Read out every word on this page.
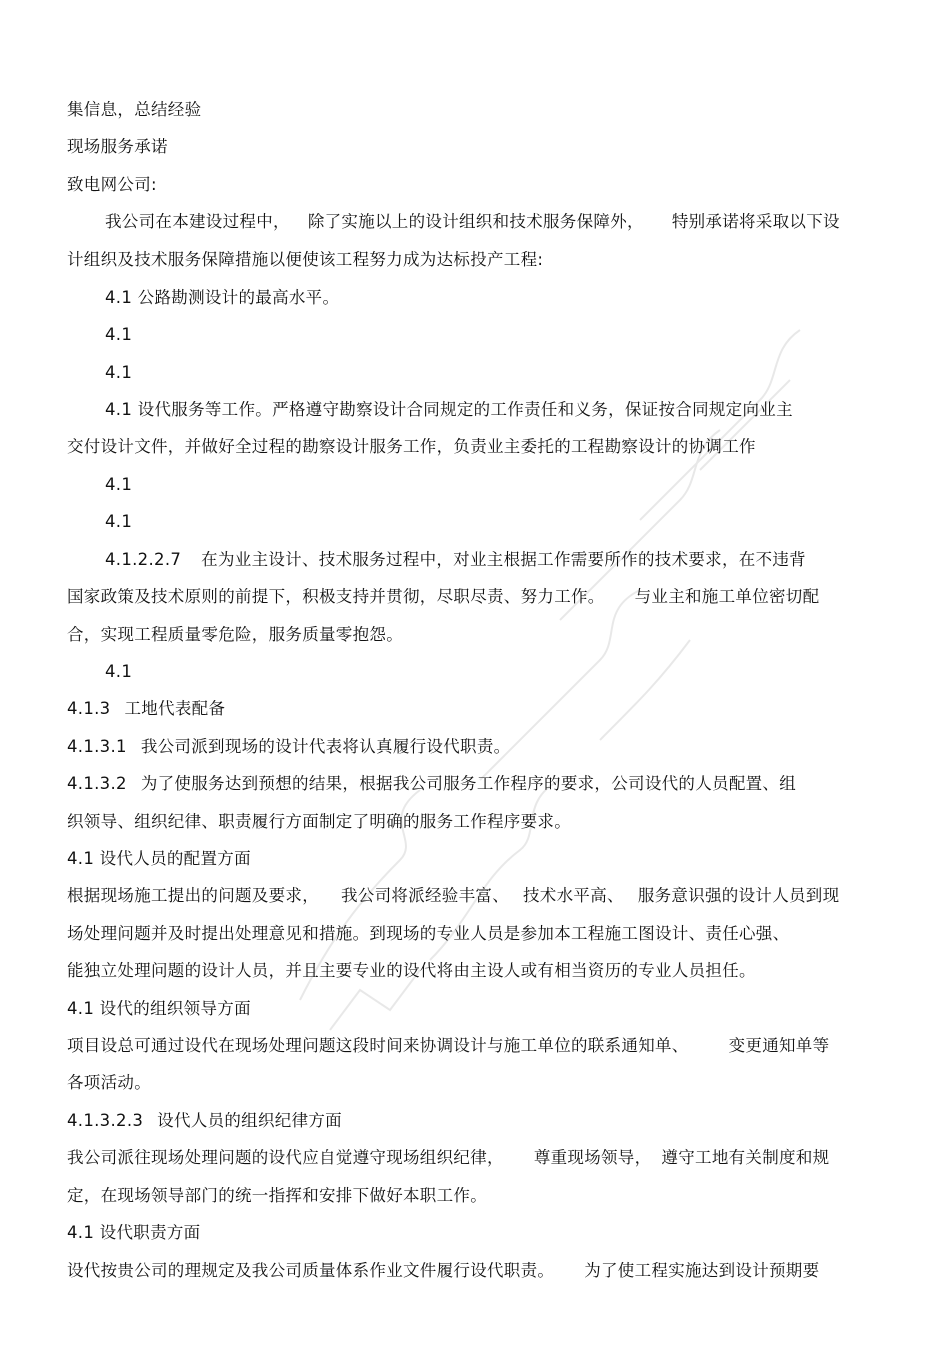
集信息，总结经验
现场服务承诺
致电网公司:
我公司在本建设过程中， 除了实施以上的设计组织和技术服务保障外， 特别承诺将采取以下设
计组织及技术服务保障措施以便使该工程努力成为达标投产工程:
4.1 公路勘测设计的最高水平。
4.1
4.1
4.1 设代服务等工作。严格遵守勘察设计合同规定的工作责任和义务，保证按合同规定向业主
交付设计文件，并做好全过程的勘察设计服务工作，负责业主委托的工程勘察设计的协调工作
4.1
4.1
4.1.2.2.7 在为业主设计、技术服务过程中，对业主根据工作需要所作的技术要求，在不违背
国家政策及技术原则的前提下，积极支持并贯彻，尽职尽责、努力工作。 与业主和施工单位密切配
合，实现工程质量零危险，服务质量零抱怨。
4.1
4.1.3 工地代表配备
4.1.3.1 我公司派到现场的设计代表将认真履行设代职责。
4.1.3.2 为了使服务达到预想的结果，根据我公司服务工作程序的要求，公司设代的人员配置、组
织领导、组织纪律、职责履行方面制定了明确的服务工作程序要求。
4.1 设代人员的配置方面
根据现场施工提出的问题及要求， 我公司将派经验丰富、 技术水平高、 服务意识强的设计人员到现
场处理问题并及时提出处理意见和措施。到现场的专业人员是参加本工程施工图设计、责任心强、
能独立处理问题的设计人员，并且主要专业的设代将由主设人或有相当资历的专业人员担任。
4.1 设代的组织领导方面
项目设总可通过设代在现场处理问题这段时间来协调设计与施工单位的联系通知单、 变更通知单等
各项活动。
4.1.3.2.3 设代人员的组织纪律方面
我公司派往现场处理问题的设代应自觉遵守现场组织纪律， 尊重现场领导， 遵守工地有关制度和规
定，在现场领导部门的统一指挥和安排下做好本职工作。
4.1 设代职责方面
设代按贵公司的理规定及我公司质量体系作业文件履行设代职责。 为了使工程实施达到设计预期要
